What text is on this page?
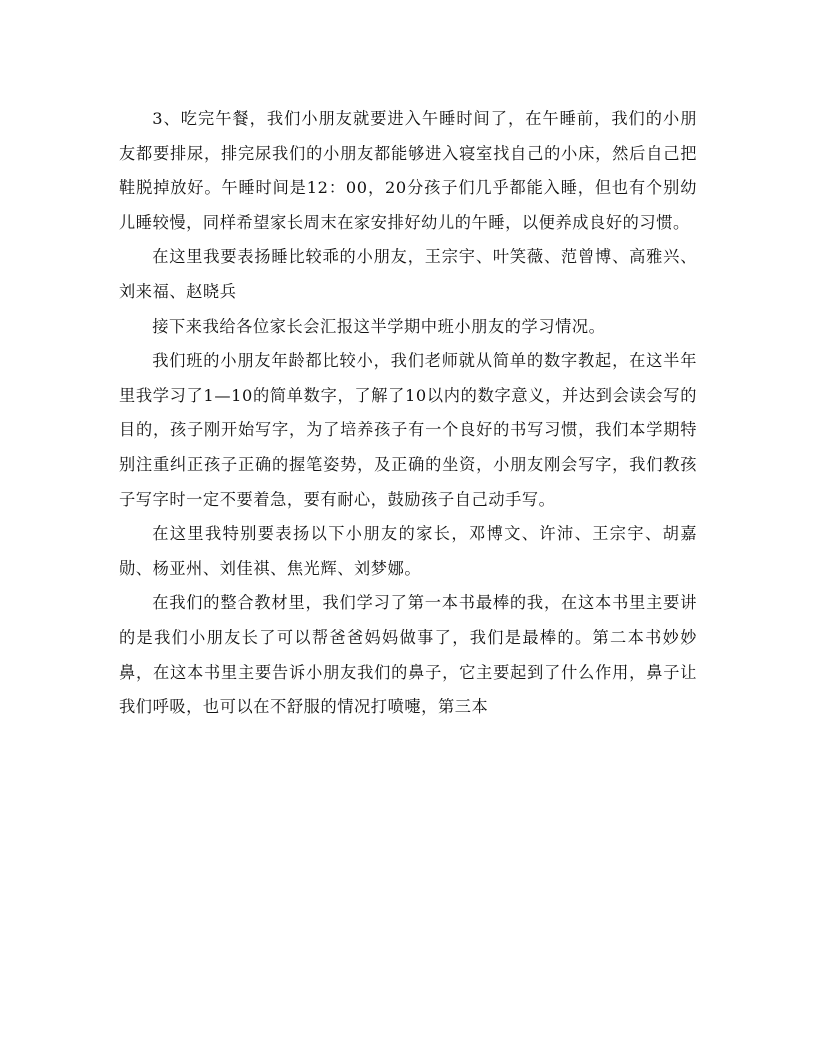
3、吃完午餐，我们小朋友就要进入午睡时间了，在午睡前，我们的小朋友都要排尿，排完尿我们的小朋友都能够进入寝室找自己的小床，然后自己把鞋脱掉放好。午睡时间是12：00，20分孩子们几乎都能入睡，但也有个别幼儿睡较慢，同样希望家长周末在家安排好幼儿的午睡，以便养成良好的习惯。

在这里我要表扬睡比较乖的小朋友，王宗宇、叶笑薇、范曾博、高雅兴、刘来福、赵晓兵

接下来我给各位家长会汇报这半学期中班小朋友的学习情况。

我们班的小朋友年龄都比较小，我们老师就从简单的数字教起，在这半年里我学习了1—10的简单数字，了解了10以内的数字意义，并达到会读会写的目的，孩子刚开始写字，为了培养孩子有一个良好的书写习惯，我们本学期特别注重纠正孩子正确的握笔姿势，及正确的坐资，小朋友刚会写字，我们教孩子写字时一定不要着急，要有耐心，鼓励孩子自己动手写。

在这里我特别要表扬以下小朋友的家长，邓博文、许沛、王宗宇、胡嘉勋、杨亚州、刘佳祺、焦光辉、刘梦娜。

在我们的整合教材里，我们学习了第一本书最棒的我，在这本书里主要讲的是我们小朋友长了可以帮爸爸妈妈做事了，我们是最棒的。第二本书妙妙鼻，在这本书里主要告诉小朋友我们的鼻子，它主要起到了什么作用，鼻子让我们呼吸，也可以在不舒服的情况打喷嚏，第三本
